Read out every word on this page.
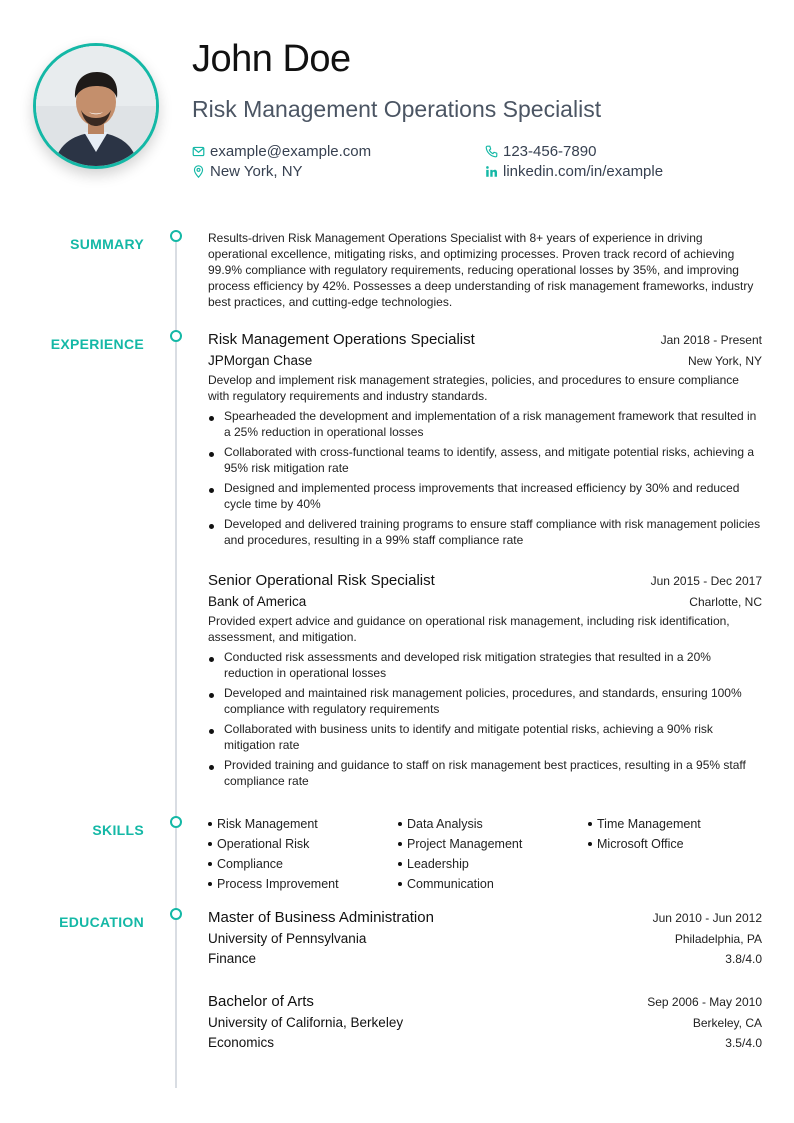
John Doe
Risk Management Operations Specialist
example@example.com	123-456-7890
New York, NY	linkedin.com/in/example
SUMMARY
EXPERIENCE
SKILLS
EDUCATION
Results-driven Risk Management Operations Specialist with 8+ years of experience in driving operational excellence, mitigating risks, and optimizing processes. Proven track record of achieving 99.9% compliance with regulatory requirements, reducing operational losses by 35%, and improving process efficiency by 42%. Possesses a deep understanding of risk management frameworks, industry best practices, and cutting-edge technologies.
Risk Management Operations Specialist	Jan 2018 - Present
JPMorgan Chase	New York, NY
Develop and implement risk management strategies, policies, and procedures to ensure compliance with regulatory requirements and industry standards.
Spearheaded the development and implementation of a risk management framework that resulted in a 25% reduction in operational losses
Collaborated with cross-functional teams to identify, assess, and mitigate potential risks, achieving a 95% risk mitigation rate
Designed and implemented process improvements that increased efficiency by 30% and reduced cycle time by 40%
Developed and delivered training programs to ensure staff compliance with risk management policies and procedures, resulting in a 99% staff compliance rate
Senior Operational Risk Specialist	Jun 2015 - Dec 2017
Bank of America	Charlotte, NC
Provided expert advice and guidance on operational risk management, including risk identification, assessment, and mitigation.
Conducted risk assessments and developed risk mitigation strategies that resulted in a 20% reduction in operational losses
Developed and maintained risk management policies, procedures, and standards, ensuring 100% compliance with regulatory requirements
Collaborated with business units to identify and mitigate potential risks, achieving a 90% risk mitigation rate
Provided training and guidance to staff on risk management best practices, resulting in a 95% staff compliance rate
Risk Management	Data Analysis	Time Management
Operational Risk	Project Management	Microsoft Office
Compliance	Leadership
Process Improvement	Communication
Master of Business Administration	Jun 2010 - Jun 2012
University of Pennsylvania	Philadelphia, PA
Finance	3.8/4.0
Bachelor of Arts	Sep 2006 - May 2010
University of California, Berkeley	Berkeley, CA
Economics	3.5/4.0
